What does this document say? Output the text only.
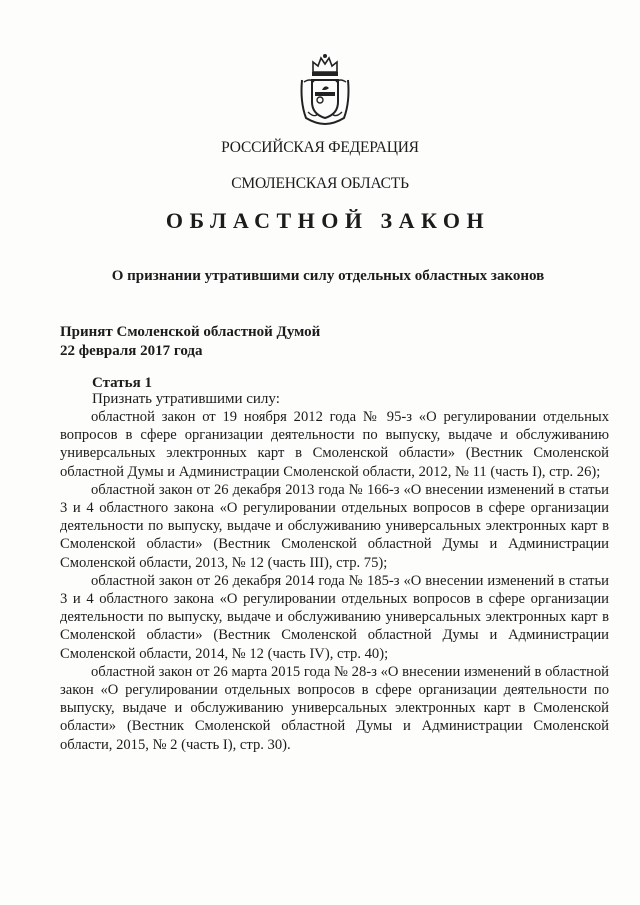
РОССИЙСКАЯ ФЕДЕРАЦИЯ
СМОЛЕНСКАЯ ОБЛАСТЬ
ОБЛАСТНОЙ ЗАКОН
О признании утратившими силу отдельных областных законов
Принят Смоленской областной Думой
22 февраля 2017 года
Статья 1
Признать утратившими силу:

областной закон от 19 ноября 2012 года № 95-з «О регулировании отдельных вопросов в сфере организации деятельности по выпуску, выдаче и обслуживанию универсальных электронных карт в Смоленской области» (Вестник Смоленской областной Думы и Администрации Смоленской области, 2012, № 11 (часть I), стр. 26);

областной закон от 26 декабря 2013 года № 166-з «О внесении изменений в статьи 3 и 4 областного закона «О регулировании отдельных вопросов в сфере организации деятельности по выпуску, выдаче и обслуживанию универсальных электронных карт в Смоленской области» (Вестник Смоленской областной Думы и Администрации Смоленской области, 2013, № 12 (часть III), стр. 75);

областной закон от 26 декабря 2014 года № 185-з «О внесении изменений в статьи 3 и 4 областного закона «О регулировании отдельных вопросов в сфере организации деятельности по выпуску, выдаче и обслуживанию универсальных электронных карт в Смоленской области» (Вестник Смоленской областной Думы и Администрации Смоленской области, 2014, № 12 (часть IV), стр. 40);

областной закон от 26 марта 2015 года № 28-з «О внесении изменений в областной закон «О регулировании отдельных вопросов в сфере организации деятельности по выпуску, выдаче и обслуживанию универсальных электронных карт в Смоленской области» (Вестник Смоленской областной Думы и Администрации Смоленской области, 2015, № 2 (часть I), стр. 30).
